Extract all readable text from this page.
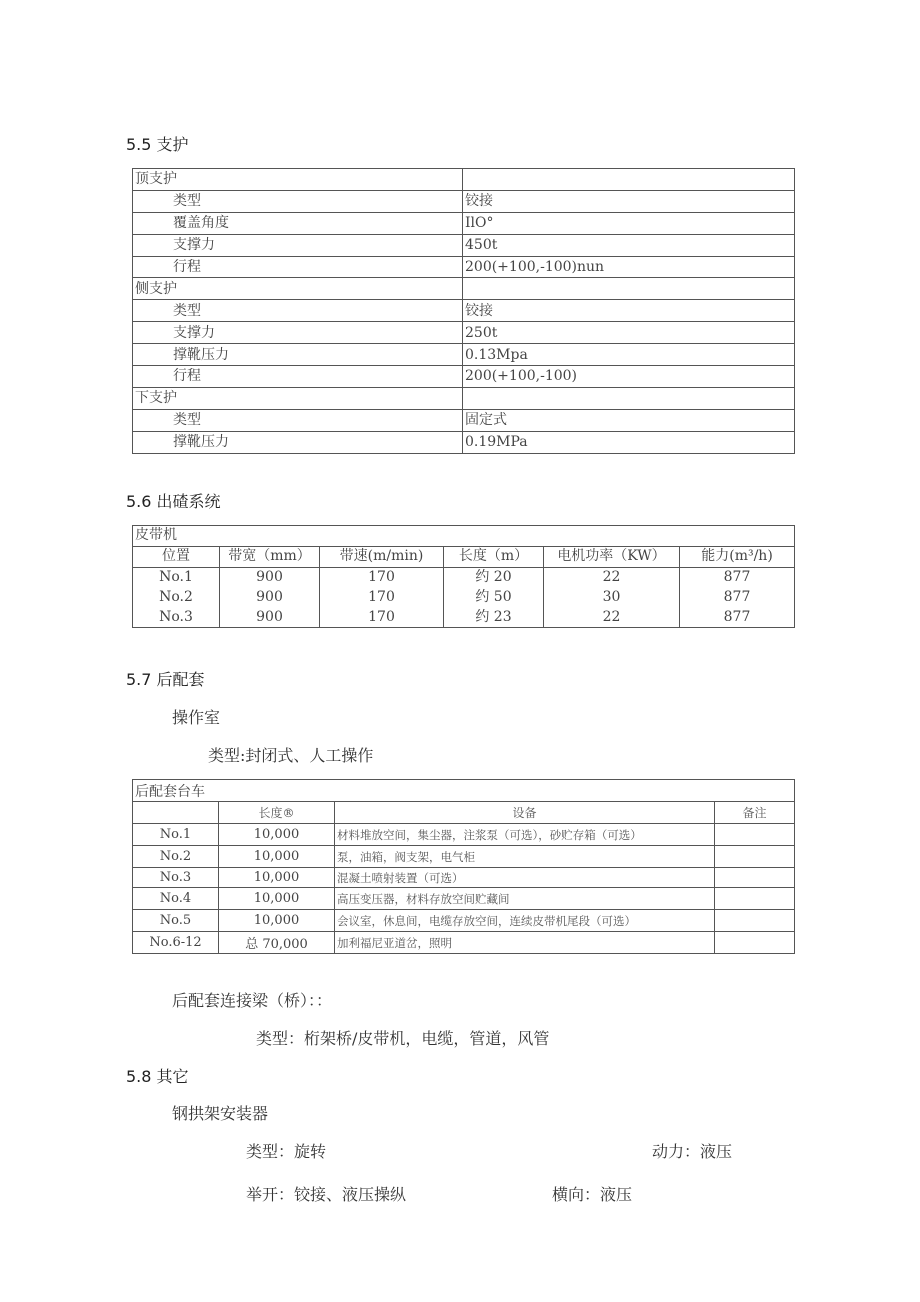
5.5 支护
顶支护	
类型	铰接
覆盖角度	IlO°
支撑力	450t
行程	200(+100,-100)nun
侧支护	
类型	铰接
支撑力	250t
撑靴压力	0.13Mpa
行程	200(+100,-100)
下支护	
类型	固定式
撑靴压力	0.19MPa
5.6 出碴系统
皮带机					
位置	带宽（mm）	带速(m/min)	长度（m）	电机功率（KW）	能力(m³/h)
No.1	900	170	约 20	22	877
No.2	900	170	约 50	30	877
No.3	900	170	约 23	22	877
5.7 后配套
操作室
类型:封闭式、人工操作
后配套台车			
	长度®	设备	备注
No.1	10,000	材料堆放空间，集尘器，注浆泵（可选），砂贮存箱（可选）	
No.2	10,000	泵，油箱，阀支架，电气柜	
No.3	10,000	混凝土喷射装置（可选）	
No.4	10,000	高压变压器，材料存放空间贮藏间	
No.5	10,000	会议室，休息间，电缆存放空间，连续皮带机尾段（可选）	
No.6-12	总 70,000	加利福尼亚道岔，照明	
后配套连接梁（桥）：：
类型：桁架桥/皮带机，电缆，管道，风管
5.8 其它
钢拱架安装器
类型：旋转	动力：液压
举开：铰接、液压操纵	横向：液压
